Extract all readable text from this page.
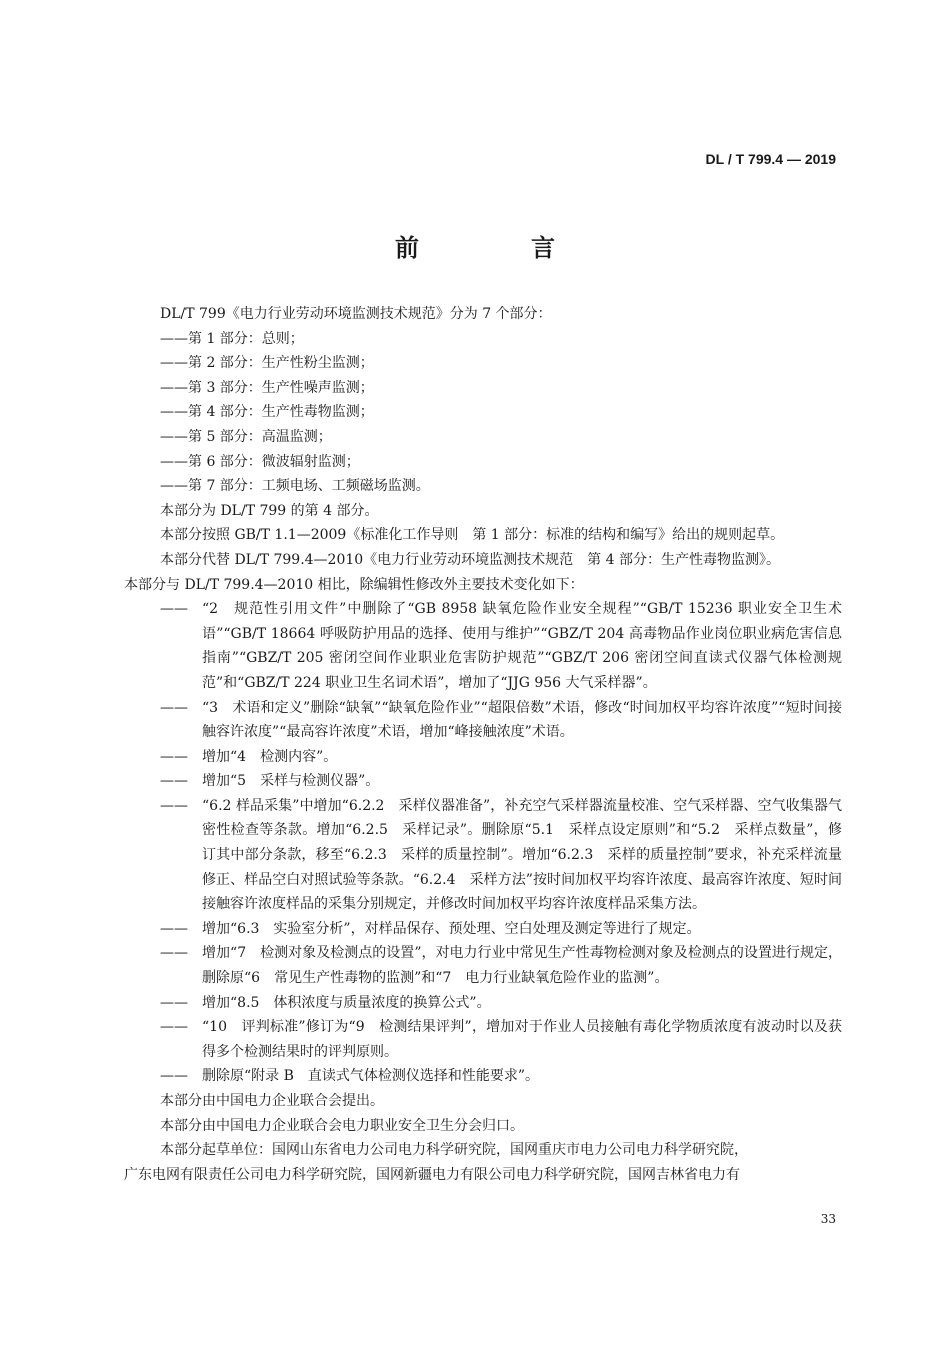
DL / T 799.4 — 2019
前　言
DL/T 799《电力行业劳动环境监测技术规范》分为 7 个部分：
——第 1 部分：总则；
——第 2 部分：生产性粉尘监测；
——第 3 部分：生产性噪声监测；
——第 4 部分：生产性毒物监测；
——第 5 部分：高温监测；
——第 6 部分：微波辐射监测；
——第 7 部分：工频电场、工频磁场监测。
本部分为 DL/T 799 的第 4 部分。
本部分按照 GB/T 1.1—2009《标准化工作导则　第 1 部分：标准的结构和编写》给出的规则起草。
本部分代替 DL/T 799.4—2010《电力行业劳动环境监测技术规范　第 4 部分：生产性毒物监测》。
本部分与 DL/T 799.4—2010 相比，除编辑性修改外主要技术变化如下：
——	“2　规范性引用文件”中删除了“GB 8958 缺氧危险作业安全规程”“GB/T 15236 职业安全卫生术语”“GB/T 18664 呼吸防护用品的选择、使用与维护”“GBZ/T 204 高毒物品作业岗位职业病危害信息指南”“GBZ/T 205 密闭空间作业职业危害防护规范”“GBZ/T 206 密闭空间直读式仪器气体检测规范”和“GBZ/T 224 职业卫生名词术语”，增加了“JJG 956 大气采样器”。
——	“3　术语和定义”删除“缺氧”“缺氧危险作业”“超限倍数”术语，修改“时间加权平均容许浓度”“短时间接触容许浓度”“最高容许浓度”术语，增加“峰接触浓度”术语。
——	增加“4　检测内容”。
——	增加“5　采样与检测仪器”。
——	“6.2 样品采集”中增加“6.2.2　采样仪器准备”，补充空气采样器流量校准、空气采样器、空气收集器气密性检查等条款。增加“6.2.5　采样记录”。删除原“5.1　采样点设定原则”和“5.2　采样点数量”，修订其中部分条款，移至“6.2.3　采样的质量控制”。增加“6.2.3　采样的质量控制”要求，补充采样流量修正、样品空白对照试验等条款。“6.2.4　采样方法”按时间加权平均容许浓度、最高容许浓度、短时间接触容许浓度样品的采集分别规定，并修改时间加权平均容许浓度样品采集方法。
——	增加“6.3　实验室分析”，对样品保存、预处理、空白处理及测定等进行了规定。
——	增加“7　检测对象及检测点的设置”，对电力行业中常见生产性毒物检测对象及检测点的设置进行规定，删除原“6　常见生产性毒物的监测”和“7　电力行业缺氧危险作业的监测”。
——	增加“8.5　体积浓度与质量浓度的换算公式”。
——	“10　评判标准”修订为“9　检测结果评判”，增加对于作业人员接触有毒化学物质浓度有波动时以及获得多个检测结果时的评判原则。
——	删除原“附录 B　直读式气体检测仪选择和性能要求”。
本部分由中国电力企业联合会提出。
本部分由中国电力企业联合会电力职业安全卫生分会归口。
本部分起草单位：国网山东省电力公司电力科学研究院，国网重庆市电力公司电力科学研究院，
广东电网有限责任公司电力科学研究院，国网新疆电力有限公司电力科学研究院，国网吉林省电力有
33
